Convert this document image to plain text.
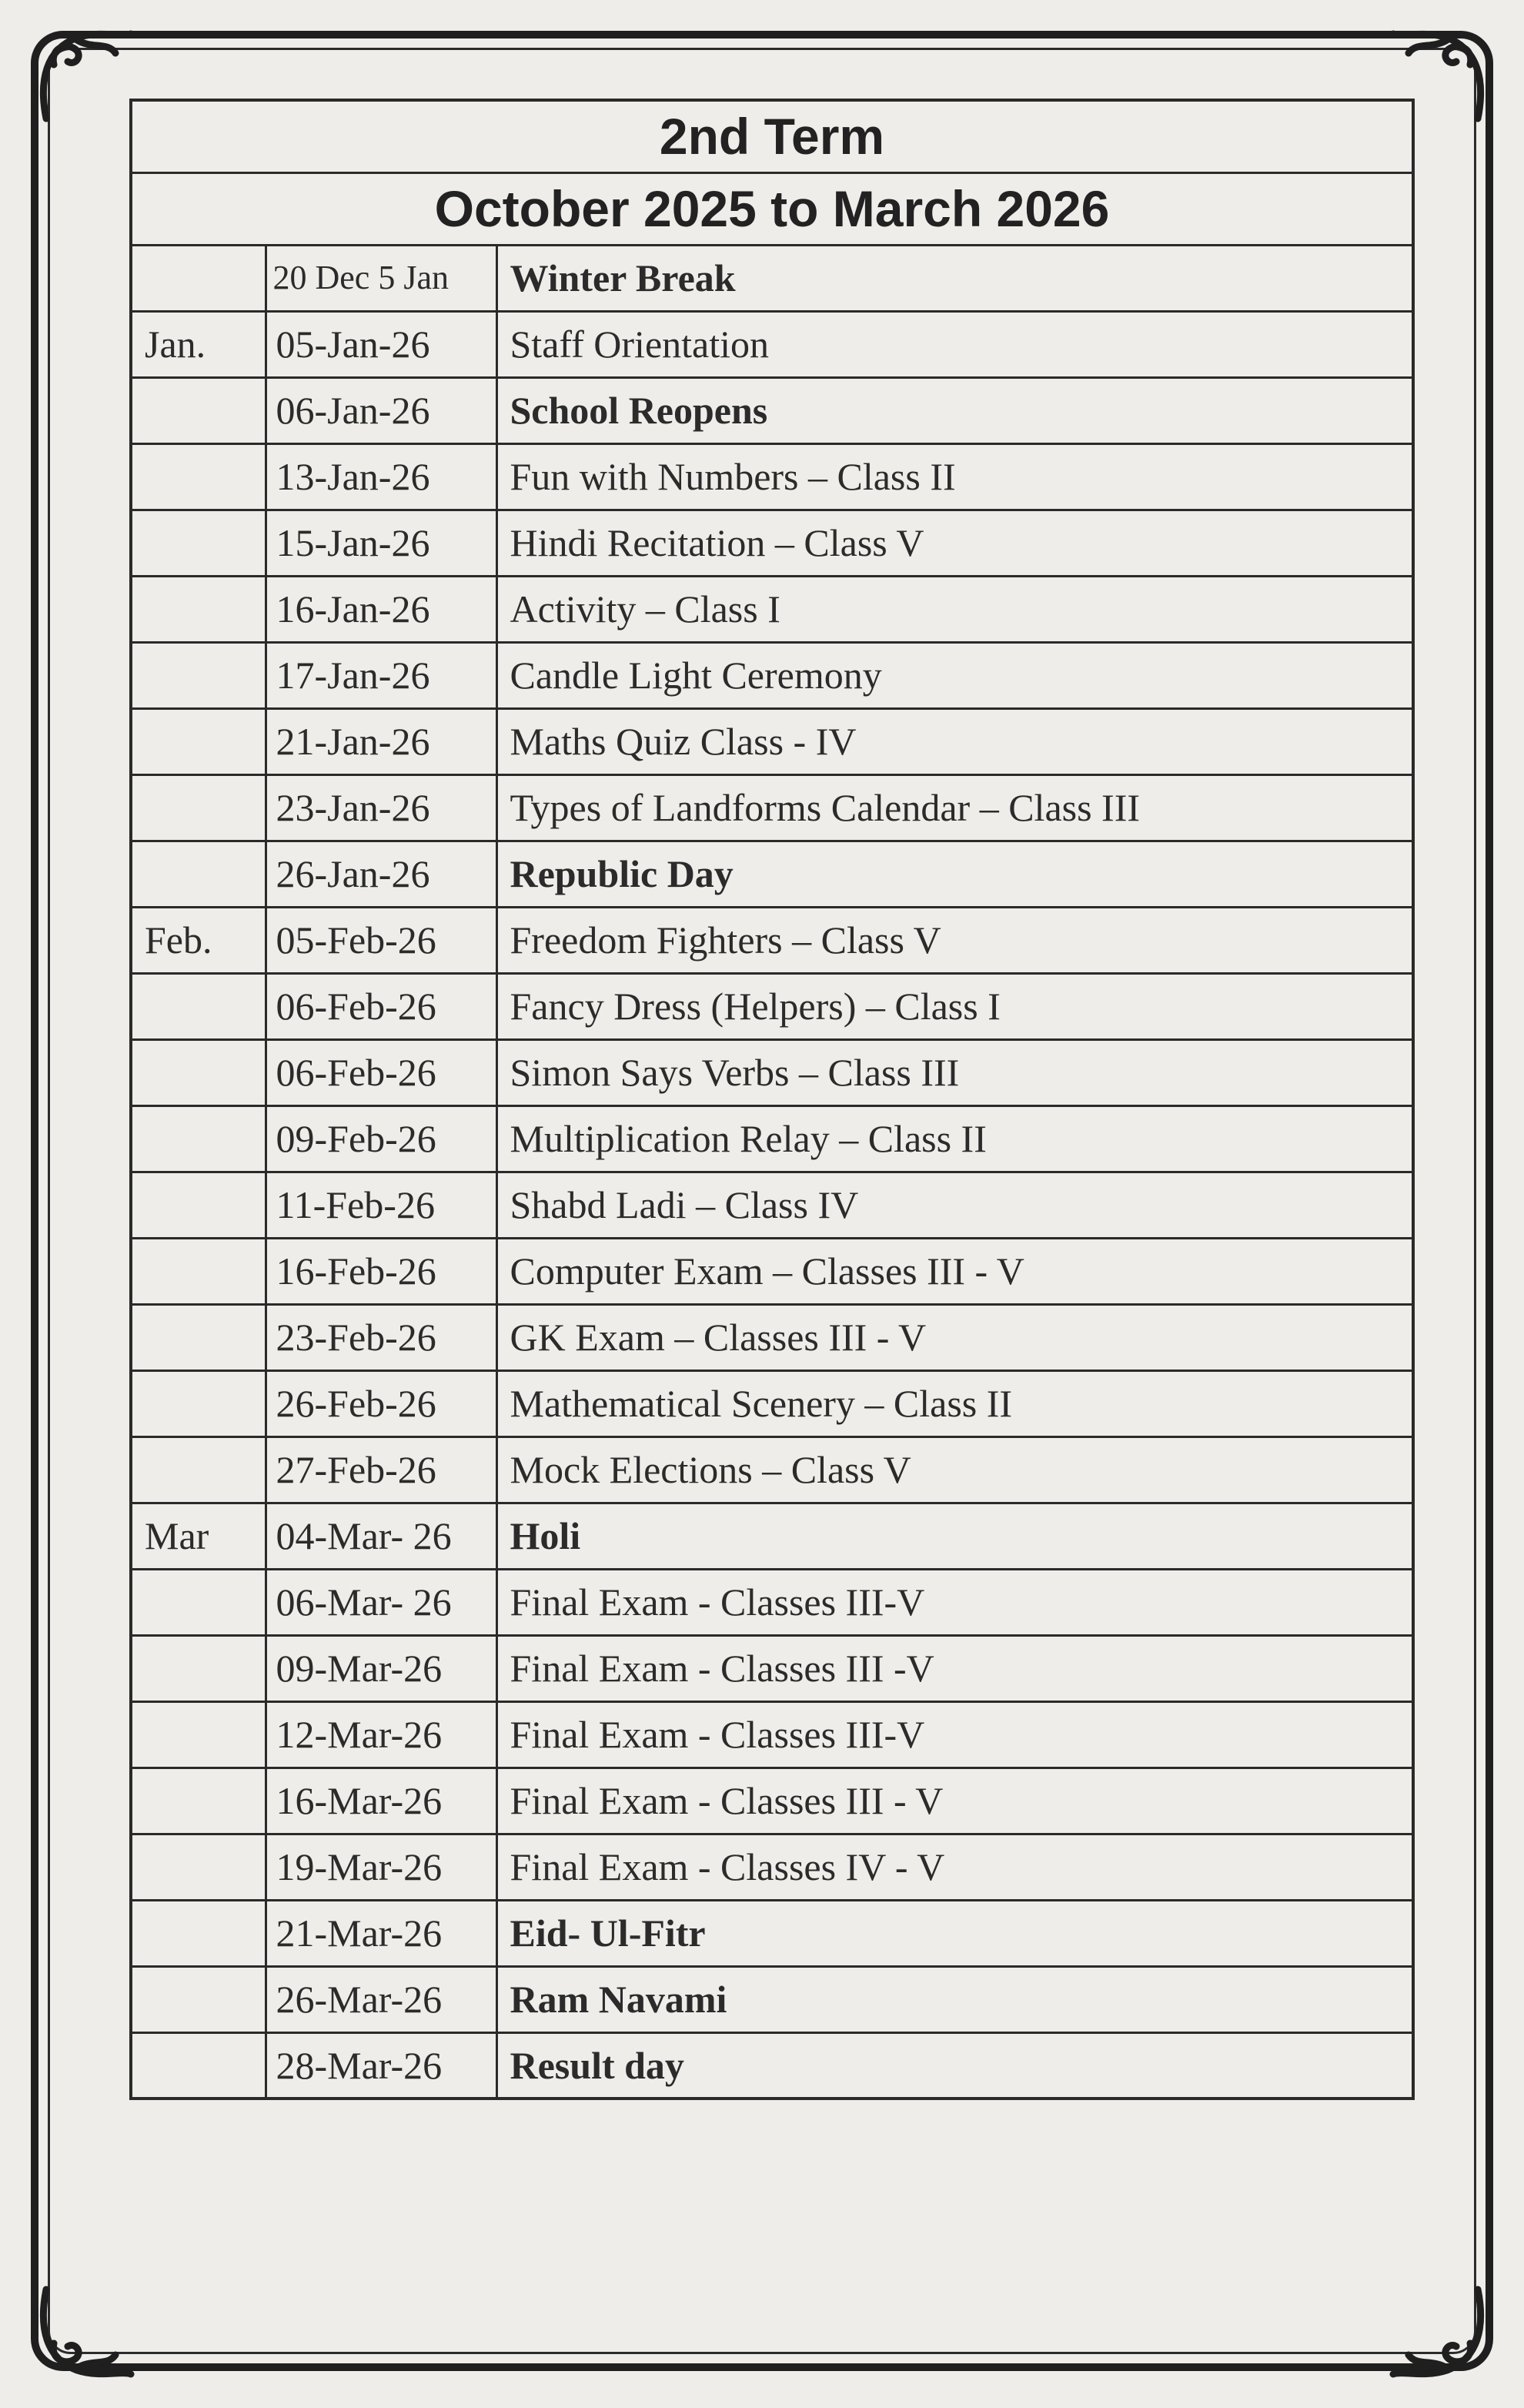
2nd Term		
October 2025 to March 2026		
	20 Dec 5 Jan	Winter Break
Jan.	05-Jan-26	Staff Orientation
	06-Jan-26	School Reopens
	13-Jan-26	Fun with Numbers – Class II
	15-Jan-26	Hindi Recitation – Class V
	16-Jan-26	Activity – Class I
	17-Jan-26	Candle Light Ceremony
	21-Jan-26	Maths Quiz Class - IV
	23-Jan-26	Types of Landforms Calendar – Class III
	26-Jan-26	Republic Day
Feb.	05-Feb-26	Freedom Fighters – Class V
	06-Feb-26	Fancy Dress (Helpers) – Class I
	06-Feb-26	Simon Says Verbs – Class III
	09-Feb-26	Multiplication Relay – Class II
	11-Feb-26	Shabd Ladi – Class IV
	16-Feb-26	Computer Exam – Classes III - V
	23-Feb-26	GK Exam – Classes III - V
	26-Feb-26	Mathematical Scenery – Class II
	27-Feb-26	Mock Elections – Class V
Mar	04-Mar- 26	Holi
	06-Mar- 26	Final Exam - Classes III-V
	09-Mar-26	Final Exam - Classes III -V
	12-Mar-26	Final Exam - Classes III-V
	16-Mar-26	Final Exam - Classes III - V
	19-Mar-26	Final Exam - Classes IV - V
	21-Mar-26	Eid- Ul-Fitr
	26-Mar-26	Ram Navami
	28-Mar-26	Result day
